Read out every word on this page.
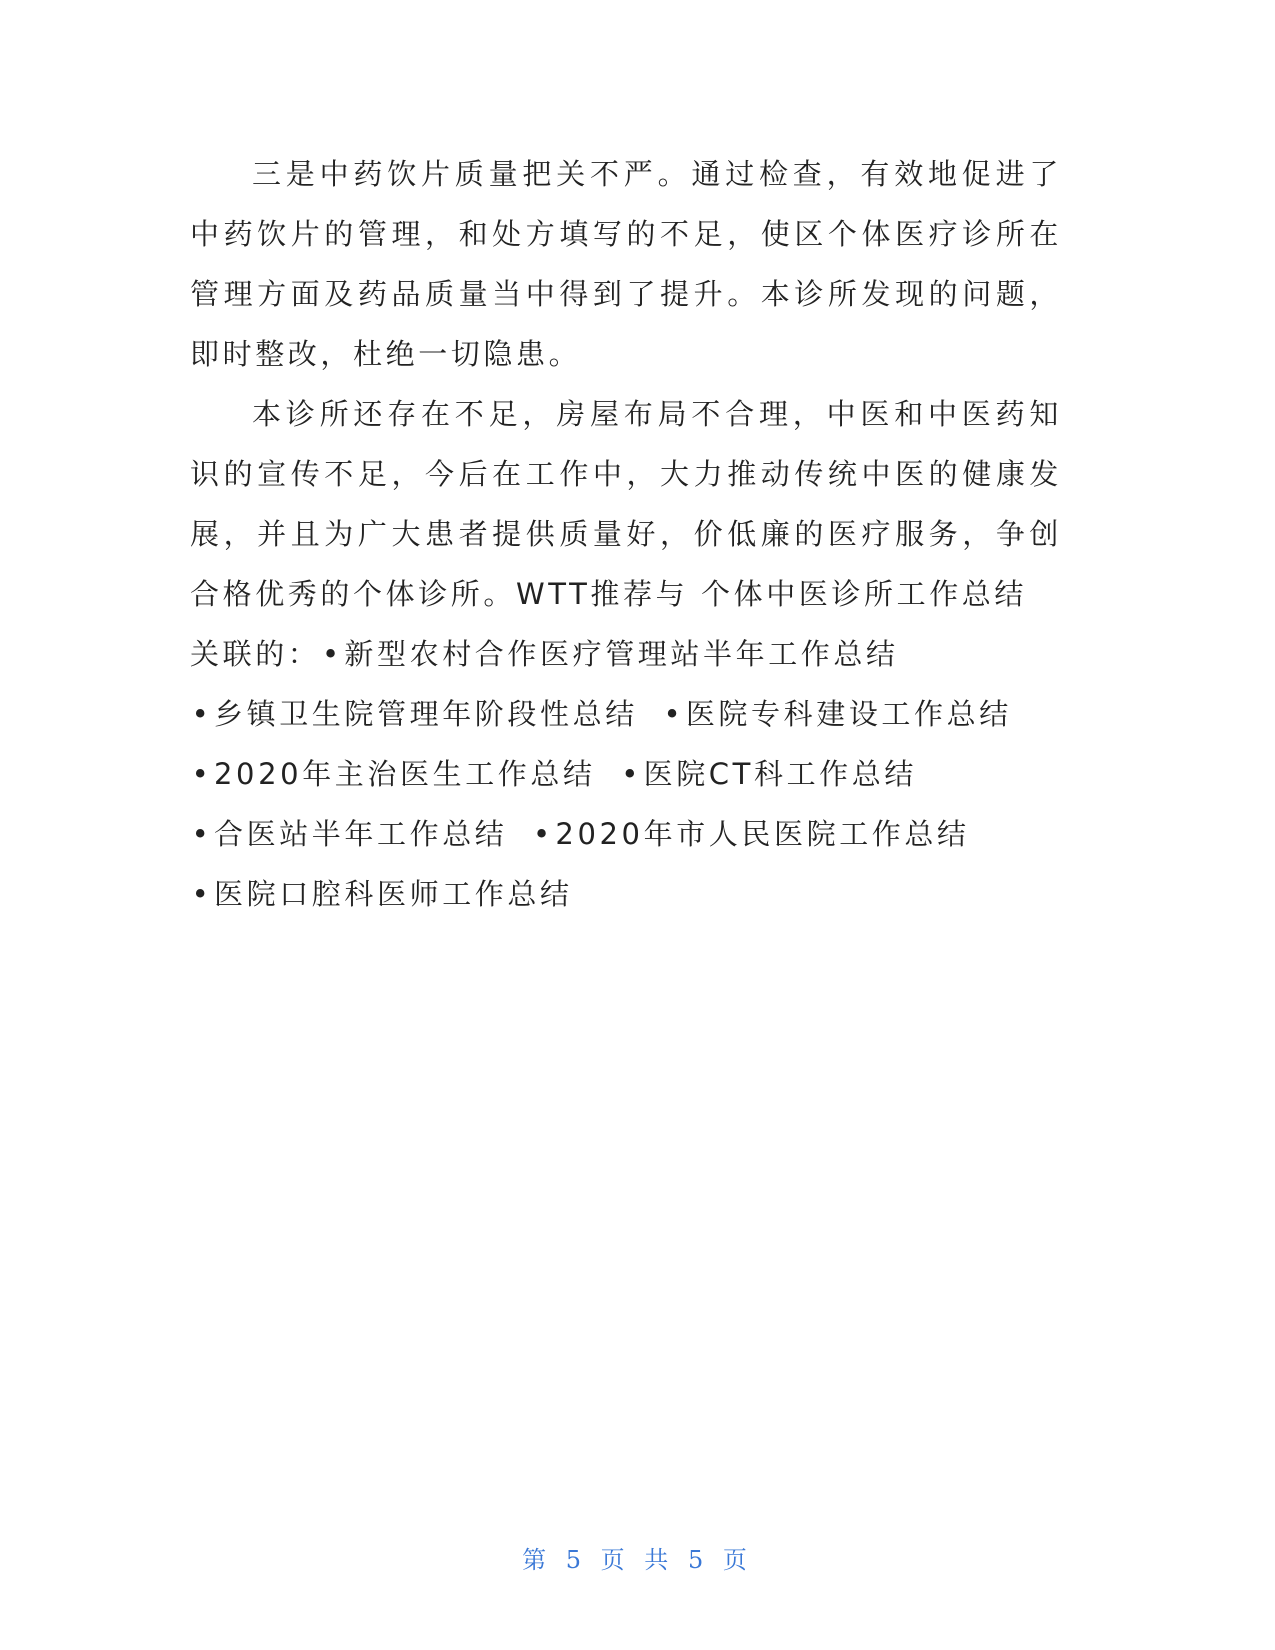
三是中药饮片质量把关不严。通过检查，有效地促进了中药饮片的管理，和处方填写的不足，使区个体医疗诊所在管理方面及药品质量当中得到了提升。本诊所发现的问题，即时整改，杜绝一切隐患。

本诊所还存在不足，房屋布局不合理，中医和中医药知识的宣传不足，今后在工作中，大力推动传统中医的健康发展，并且为广大患者提供质量好，价低廉的医疗服务，争创合格优秀的个体诊所。WTT推荐与 个体中医诊所工作总结

关联的：•新型农村合作医疗管理站半年工作总结
•乡镇卫生院管理年阶段性总结 •医院专科建设工作总结
•2020年主治医生工作总结 •医院CT科工作总结
•合医站半年工作总结 •2020年市人民医院工作总结
•医院口腔科医师工作总结
第 5 页 共 5 页
